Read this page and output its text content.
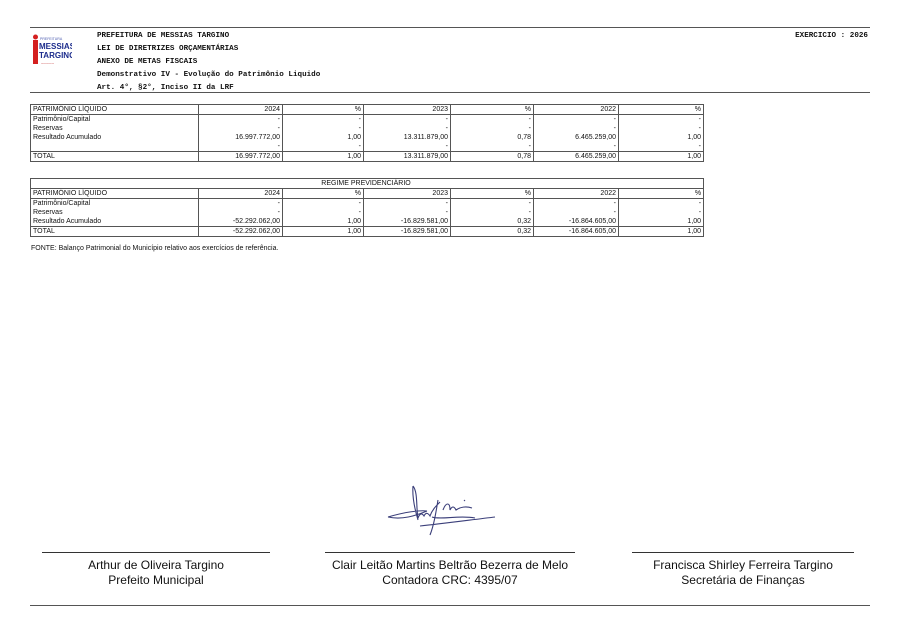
PREFEITURA
MESSIAS
TARGINO
~~~~~~
PREFEITURA DE MESSIAS TARGINO
LEI DE DIRETRIZES ORÇAMENTÁRIAS
ANEXO DE METAS FISCAIS
Demonstrativo IV - Evolução do Patrimônio Liquido
Art. 4°, §2°, Inciso II da LRF
EXERCICIO : 2026
PATRIMÔNIO LÍQUIDO	2024	%	2023	%	2022	%
Patrimônio/Capital	-	-	-	-	-	-
Reservas	-	-	-	-	-	-
Resultado Acumulado	16.997.772,00	1,00	13.311.879,00	0,78	6.465.259,00	1,00
	-	-	-	-	-	-
TOTAL	16.997.772,00	1,00	13.311.879,00	0,78	6.465.259,00	1,00
REGIME PREVIDENCIÁRIO						
PATRIMÔNIO LÍQUIDO	2024	%	2023	%	2022	%
Patrimônio/Capital	-	-	-	-	-	-
Reservas	-	-	-	-	-	-
Resultado Acumulado	-52.292.062,00	1,00	-16.829.581,00	0,32	-16.864.605,00	1,00
TOTAL	-52.292.062,00	1,00	-16.829.581,00	0,32	-16.864.605,00	1,00
FONTE: Balanço Patrimonial do Município relativo aos exercícios de referência.
Arthur de Oliveira Targino
Prefeito Municipal
Clair Leitão Martins Beltrão Bezerra de Melo
Contadora CRC: 4395/07
Francisca Shirley Ferreira Targino
Secretária de Finanças
